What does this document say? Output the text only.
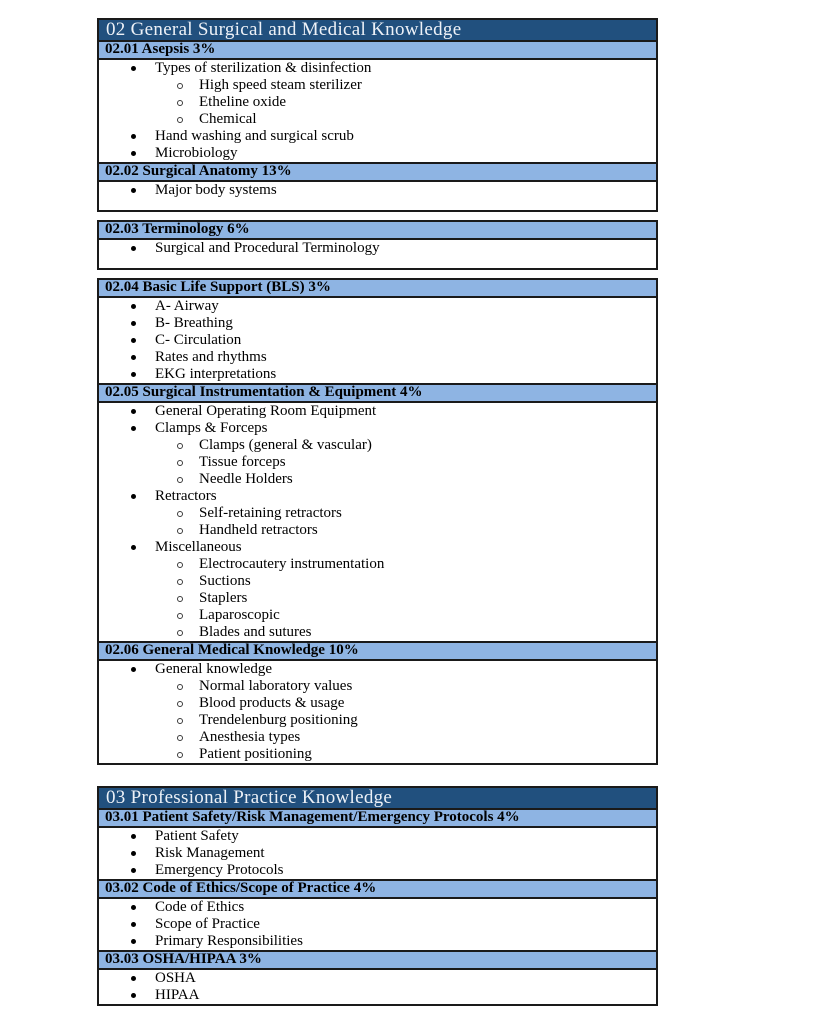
02 General Surgical and Medical Knowledge
02.01 Asepsis 3%
Types of sterilization & disinfection
High speed steam sterilizer
Etheline oxide
Chemical
Hand washing and surgical scrub
Microbiology
02.02 Surgical Anatomy 13%
Major body systems
02.03 Terminology 6%
Surgical and Procedural Terminology
02.04 Basic Life Support (BLS) 3%
A- Airway
B- Breathing
C- Circulation
Rates and rhythms
EKG interpretations
02.05 Surgical Instrumentation & Equipment 4%
General Operating Room Equipment
Clamps & Forceps
Clamps (general & vascular)
Tissue forceps
Needle Holders
Retractors
Self-retaining retractors
Handheld retractors
Miscellaneous
Electrocautery instrumentation
Suctions
Staplers
Laparoscopic
Blades and sutures
02.06 General Medical Knowledge 10%
General knowledge
Normal laboratory values
Blood products & usage
Trendelenburg positioning
Anesthesia types
Patient positioning
03 Professional Practice Knowledge
03.01 Patient Safety/Risk Management/Emergency Protocols 4%
Patient Safety
Risk Management
Emergency Protocols
03.02 Code of Ethics/Scope of Practice 4%
Code of Ethics
Scope of Practice
Primary Responsibilities
03.03 OSHA/HIPAA 3%
OSHA
HIPAA
